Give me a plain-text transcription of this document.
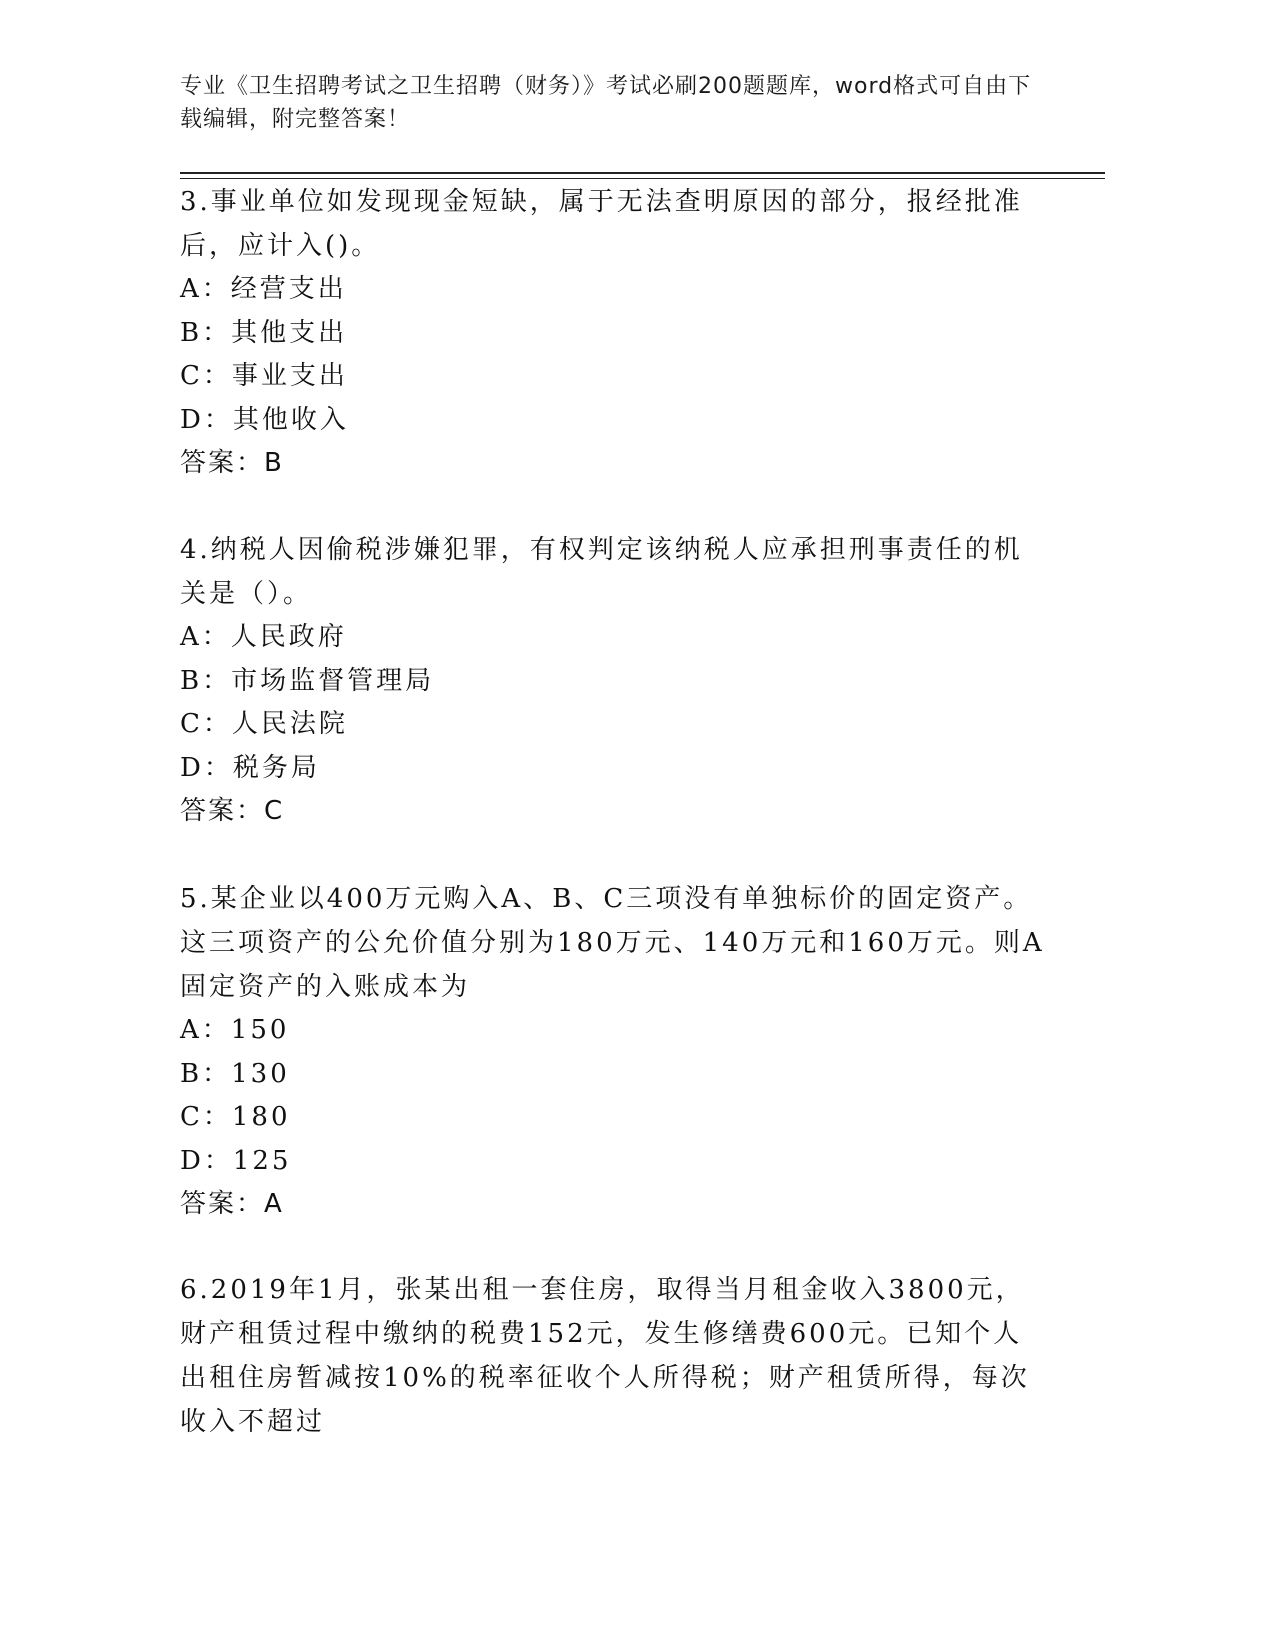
专业《卫生招聘考试之卫生招聘（财务）》考试必刷200题题库，word格式可自由下载编辑，附完整答案！
3.事业单位如发现现金短缺，属于无法查明原因的部分，报经批准后，应计入()。
A：经营支出
B：其他支出
C：事业支出
D：其他收入
答案：B
4.纳税人因偷税涉嫌犯罪，有权判定该纳税人应承担刑事责任的机关是（）。
A：人民政府
B：市场监督管理局
C：人民法院
D：税务局
答案：C
5.某企业以400万元购入A、B、C三项没有单独标价的固定资产。这三项资产的公允价值分别为180万元、140万元和160万元。则A固定资产的入账成本为
A：150
B：130
C：180
D：125
答案：A
6.2019年1月，张某出租一套住房，取得当月租金收入3800元，财产租赁过程中缴纳的税费152元，发生修缮费600元。已知个人出租住房暂减按10%的税率征收个人所得税；财产租赁所得，每次收入不超过
